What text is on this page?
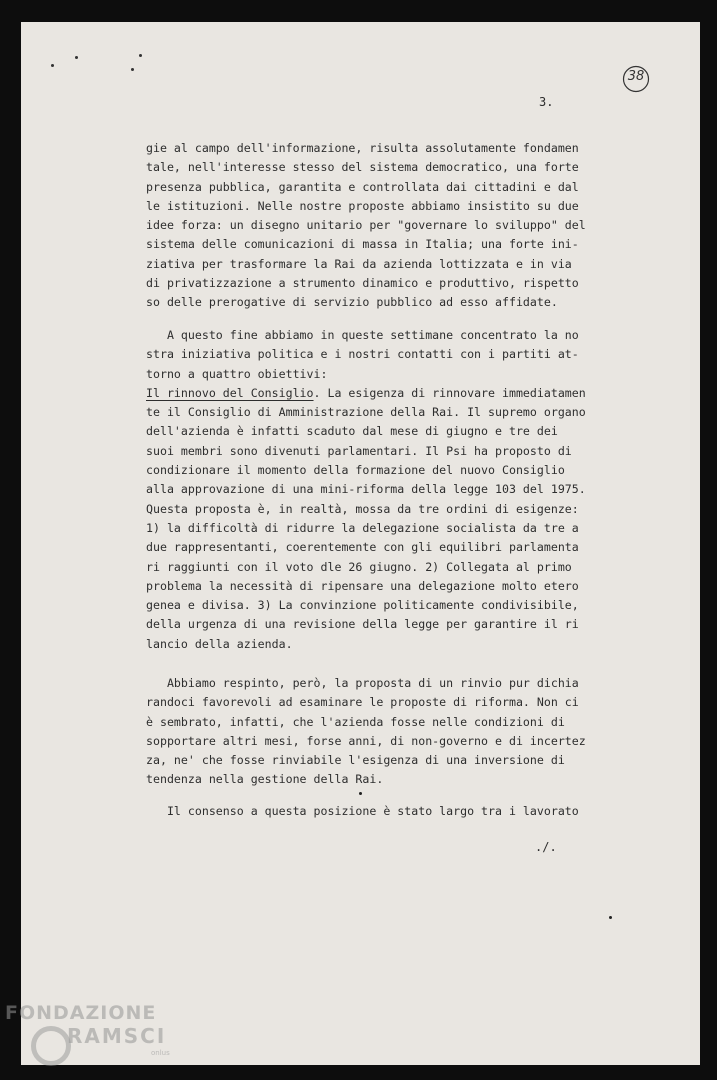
38
3.
gie al campo dell'informazione, risulta assolutamente fondamen
tale, nell'interesse stesso del sistema democratico, una forte
presenza pubblica, garantita e controllata dai cittadini e dal
le istituzioni. Nelle nostre proposte abbiamo insistito su due
idee forza: un disegno unitario per "governare lo sviluppo" del
sistema delle comunicazioni di massa in Italia; una forte ini-
ziativa per trasformare la Rai da azienda lottizzata e in via
di privatizzazione a strumento dinamico e produttivo, rispetto
so delle prerogative di servizio pubblico ad esso affidate.
A questo fine abbiamo in queste settimane concentrato la no
stra iniziativa politica e i nostri contatti con i partiti at-
torno a quattro obiettivi:
Il rinnovo del Consiglio. La esigenza di rinnovare immediatamen
te il Consiglio di Amministrazione della Rai. Il supremo organo
dell'azienda è infatti scaduto dal mese di giugno e tre dei
suoi membri sono divenuti parlamentari. Il Psi ha proposto di
condizionare il momento della formazione del nuovo Consiglio
alla approvazione di una mini-riforma della legge 103 del 1975.
Questa proposta è, in realtà, mossa da tre ordini di esigenze:
1) la difficoltà di ridurre la delegazione socialista da tre a
due rappresentanti, coerentemente con gli equilibri parlamenta
ri raggiunti con il voto dle 26 giugno. 2) Collegata al primo
problema la necessità di ripensare una delegazione molto etero
genea e divisa. 3) La convinzione politicamente condivisibile,
della urgenza di una revisione della legge per garantire il ri
lancio della azienda.
Abbiamo respinto, però, la proposta di un rinvio pur dichia
randoci favorevoli ad esaminare le proposte di riforma. Non ci
è sembrato, infatti, che l'azienda fosse nelle condizioni di
sopportare altri mesi, forse anni, di non-governo e di incertez
za, ne' che fosse rinviabile l'esigenza di una inversione di
tendenza nella gestione della Rai.
Il consenso a questa posizione è stato largo tra i lavorato
./.
FONDAZIONE
RAMSCI
onlus
